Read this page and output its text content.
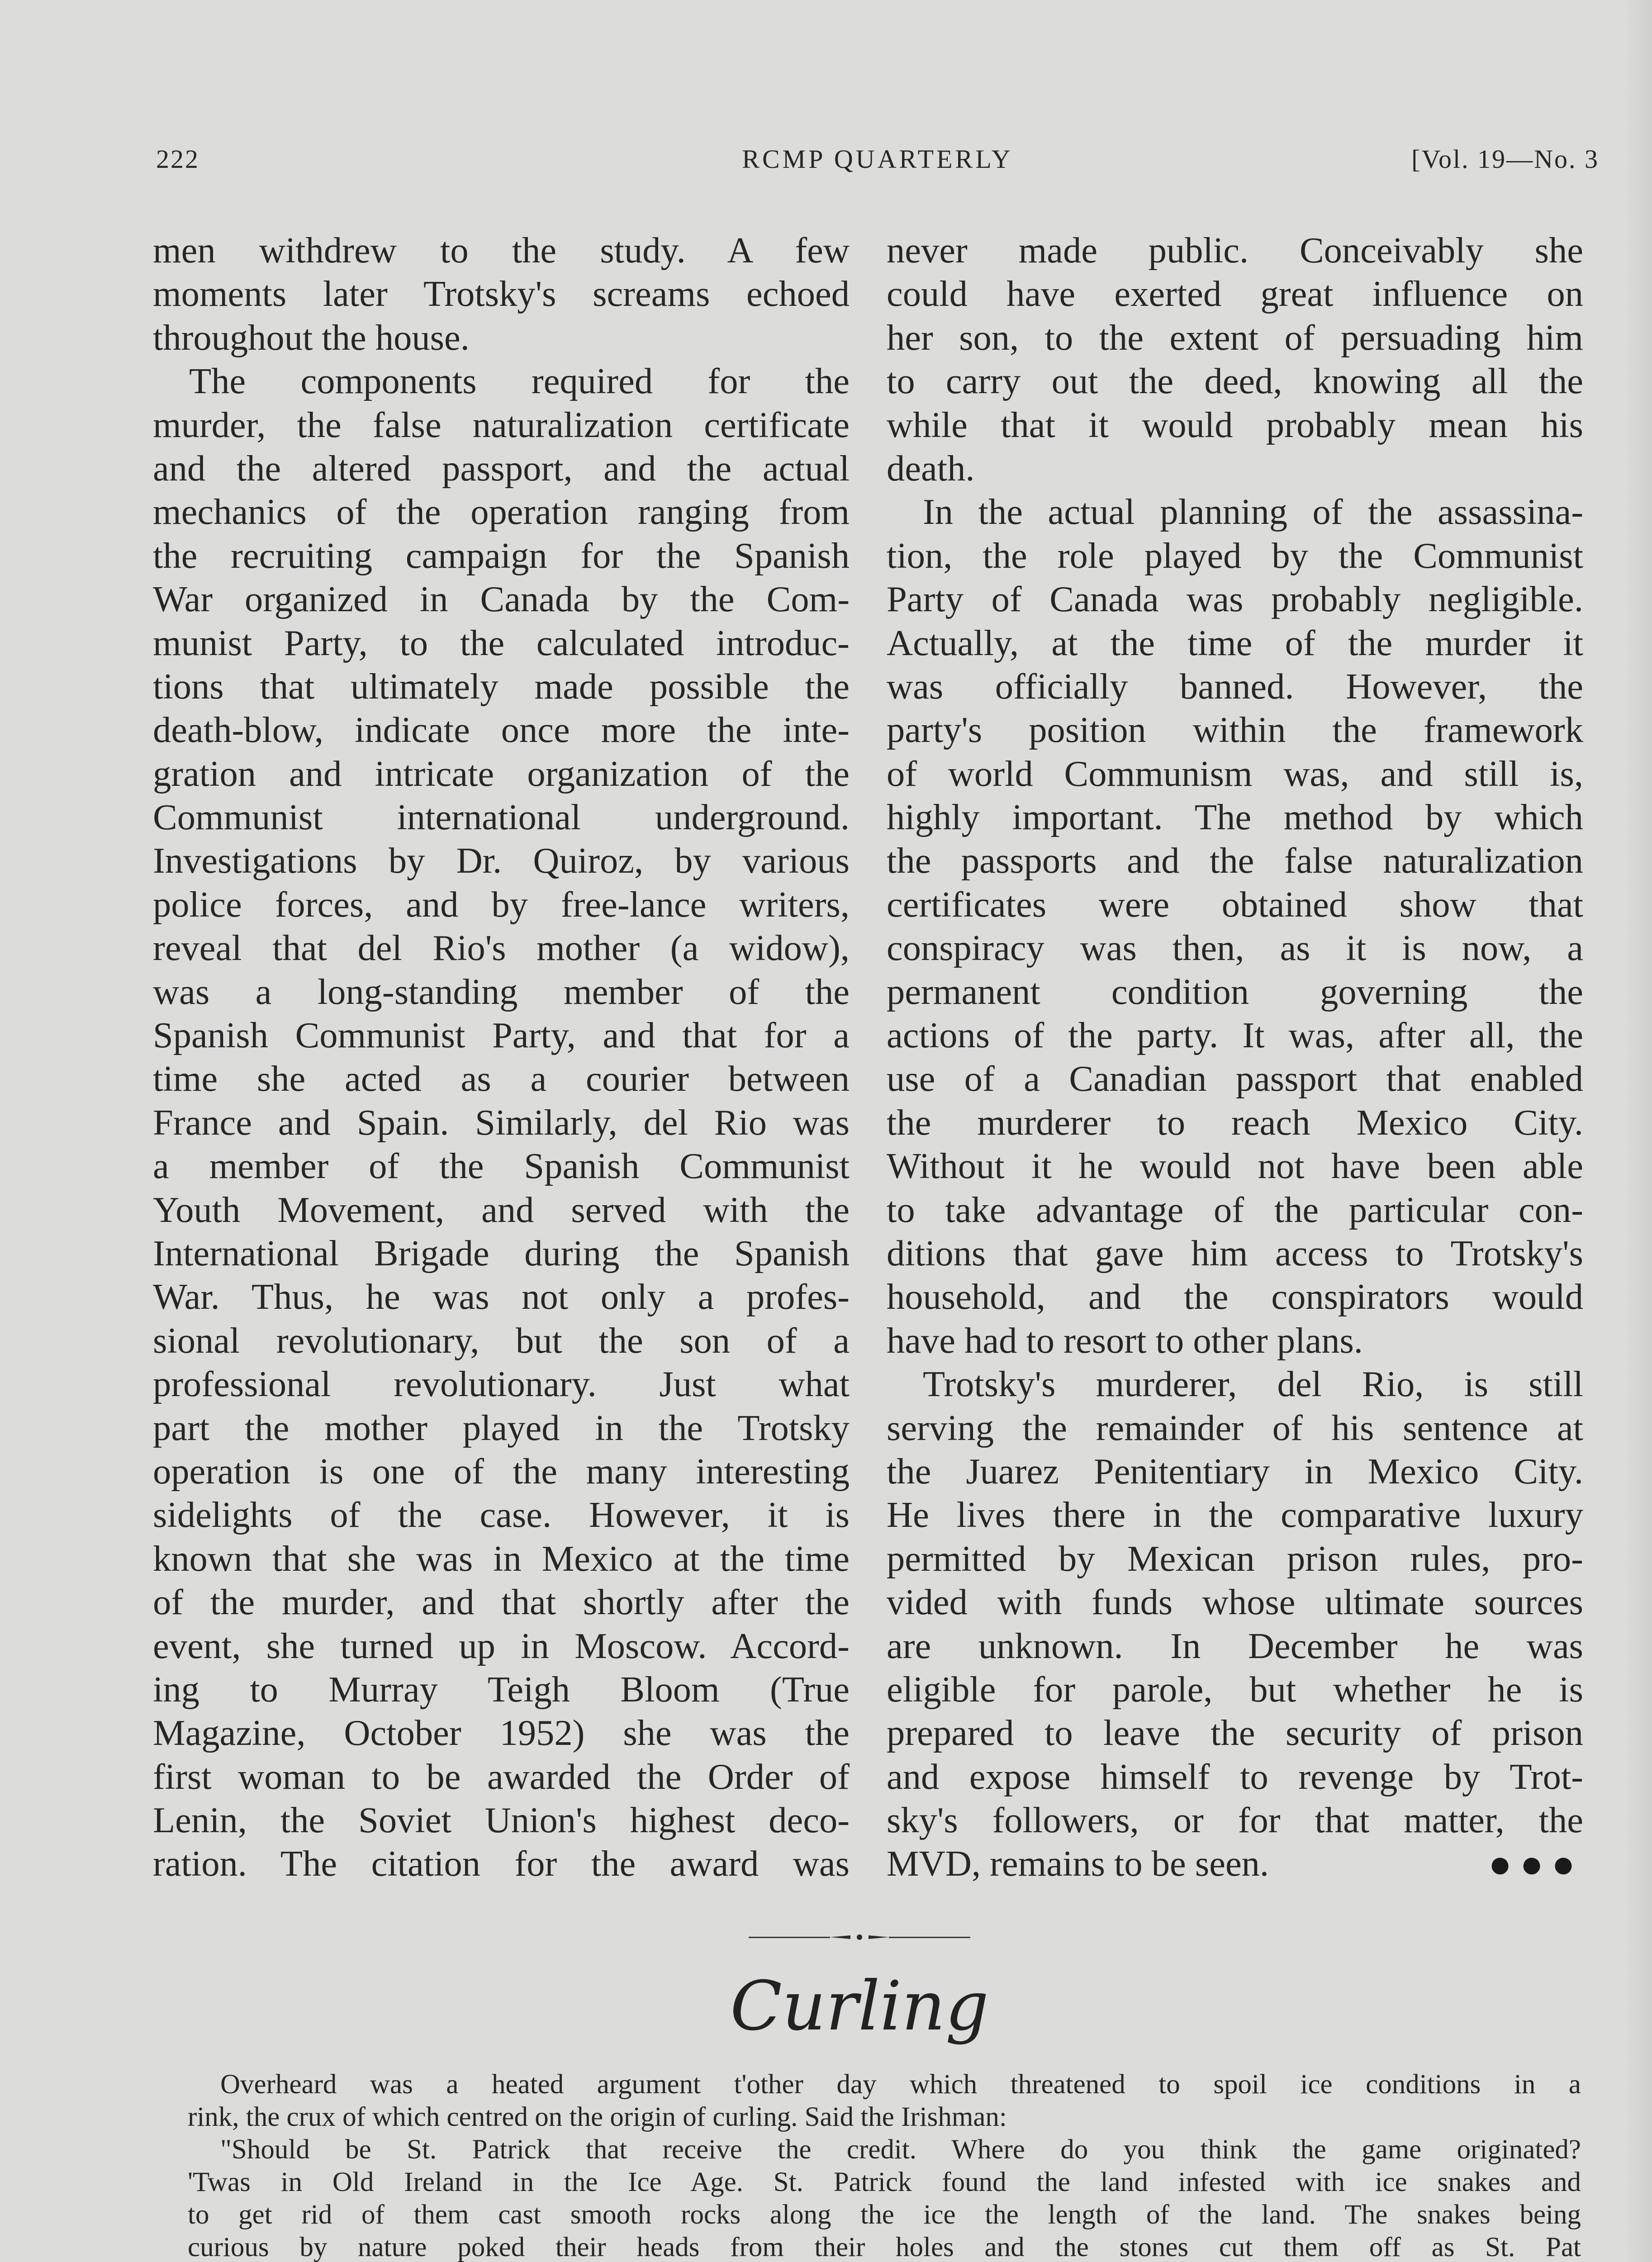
222	RCMP QUARTERLY	[Vol. 19—No. 3
men withdrew to the study. A few
moments later Trotsky's screams echoed
throughout the house.
The components required for the
murder, the false naturalization certificate
and the altered passport, and the actual
mechanics of the operation ranging from
the recruiting campaign for the Spanish
War organized in Canada by the Com-
munist Party, to the calculated introduc-
tions that ultimately made possible the
death-blow, indicate once more the inte-
gration and intricate organization of the
Communist international underground.
Investigations by Dr. Quiroz, by various
police forces, and by free-lance writers,
reveal that del Rio's mother (a widow),
was a long-standing member of the
Spanish Communist Party, and that for a
time she acted as a courier between
France and Spain. Similarly, del Rio was
a member of the Spanish Communist
Youth Movement, and served with the
International Brigade during the Spanish
War. Thus, he was not only a profes-
sional revolutionary, but the son of a
professional revolutionary. Just what
part the mother played in the Trotsky
operation is one of the many interesting
sidelights of the case. However, it is
known that she was in Mexico at the time
of the murder, and that shortly after the
event, she turned up in Moscow. Accord-
ing to Murray Teigh Bloom (True
Magazine, October 1952) she was the
first woman to be awarded the Order of
Lenin, the Soviet Union's highest deco-
ration. The citation for the award was
never made public. Conceivably she
could have exerted great influence on
her son, to the extent of persuading him
to carry out the deed, knowing all the
while that it would probably mean his
death.
In the actual planning of the assassina-
tion, the role played by the Communist
Party of Canada was probably negligible.
Actually, at the time of the murder it
was officially banned. However, the
party's position within the framework
of world Communism was, and still is,
highly important. The method by which
the passports and the false naturalization
certificates were obtained show that
conspiracy was then, as it is now, a
permanent condition governing the
actions of the party. It was, after all, the
use of a Canadian passport that enabled
the murderer to reach Mexico City.
Without it he would not have been able
to take advantage of the particular con-
ditions that gave him access to Trotsky's
household, and the conspirators would
have had to resort to other plans.
Trotsky's murderer, del Rio, is still
serving the remainder of his sentence at
the Juarez Penitentiary in Mexico City.
He lives there in the comparative luxury
permitted by Mexican prison rules, pro-
vided with funds whose ultimate sources
are unknown. In December he was
eligible for parole, but whether he is
prepared to leave the security of prison
and expose himself to revenge by Trot-
sky's followers, or for that matter, the
MVD, remains to be seen.	●●●
Curling
Overheard was a heated argument t'other day which threatened to spoil ice conditions in a
rink, the crux of which centred on the origin of curling. Said the Irishman:
"Should be St. Patrick that receive the credit. Where do you think the game originated?
'Twas in Old Ireland in the Ice Age. St. Patrick found the land infested with ice snakes and
to get rid of them cast smooth rocks along the ice the length of the land. The snakes being
curious by nature poked their heads from their holes and the stones cut them off as St. Pat
